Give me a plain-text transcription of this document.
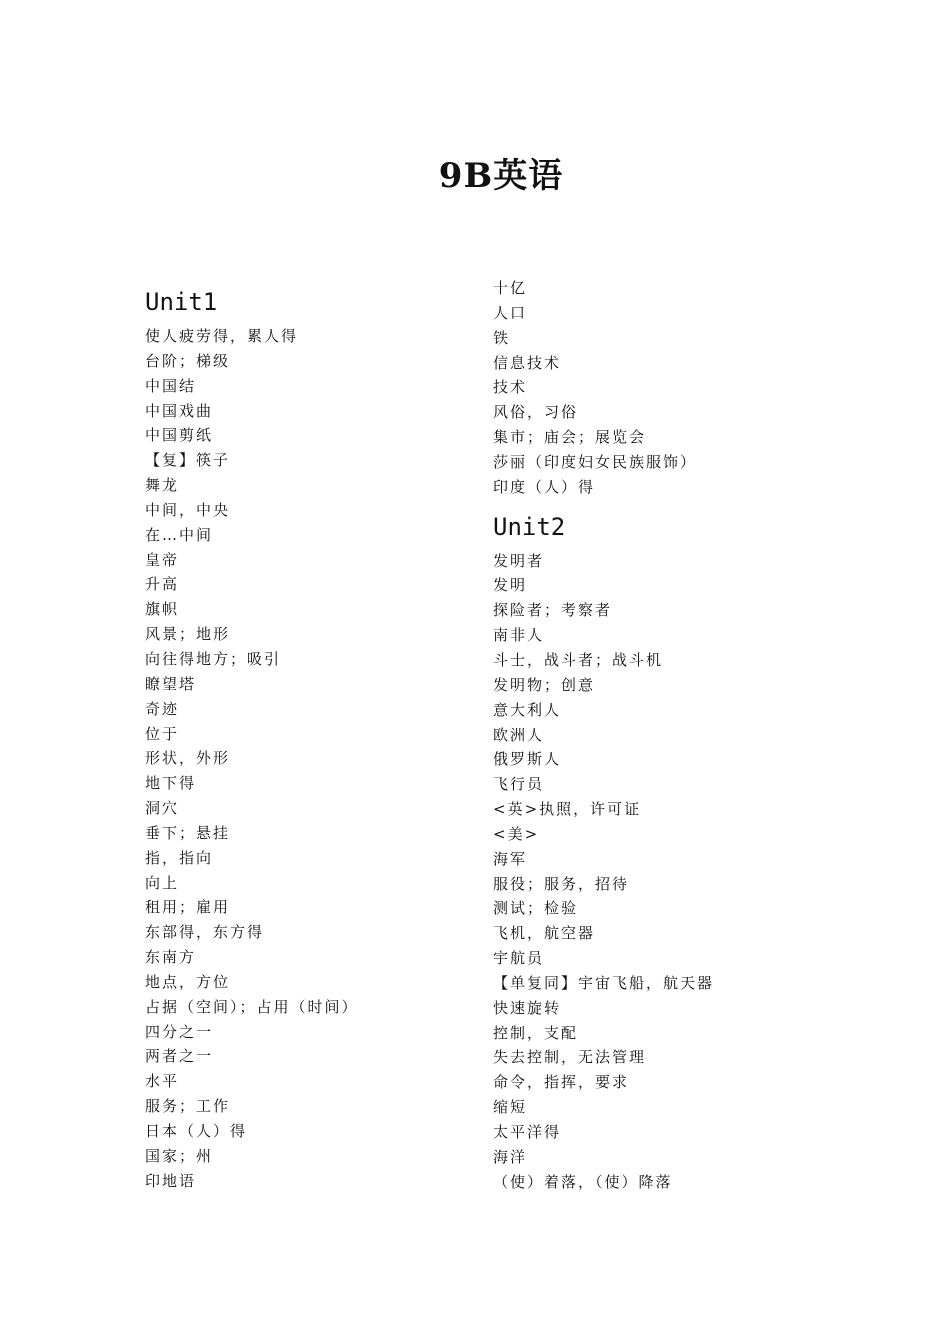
9B英语
Unit1
使人疲劳得，累人得
台阶；梯级
中国结
中国戏曲
中国剪纸
【复】筷子
舞龙
中间，中央
在…中间
皇帝
升高
旗帜
风景；地形
向往得地方；吸引
瞭望塔
奇迹
位于
形状，外形
地下得
洞穴
垂下；悬挂
指，指向
向上
租用；雇用
东部得，东方得
东南方
地点，方位
占据（空间）；占用（时间）
四分之一
两者之一
水平
服务；工作
日本（人）得
国家；州
印地语
十亿
人口
铁
信息技术
技术
风俗，习俗
集市；庙会；展览会
莎丽（印度妇女民族服饰）
印度（人）得
Unit2
发明者
发明
探险者；考察者
南非人
斗士，战斗者；战斗机
发明物；创意
意大利人
欧洲人
俄罗斯人
飞行员
<英>执照，许可证
<美>
海军
服役；服务，招待
测试；检验
飞机，航空器
宇航员
【单复同】宇宙飞船，航天器
快速旋转
控制，支配
失去控制，无法管理
命令，指挥，要求
缩短
太平洋得
海洋
（使）着落，（使）降落
